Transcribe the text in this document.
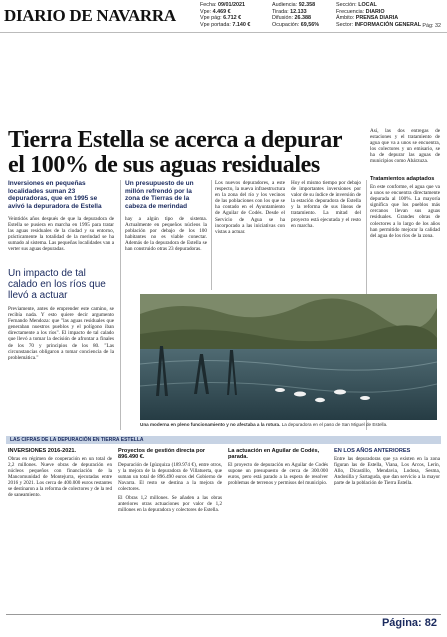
DIARIO DE NAVARRA
Fecha: 09/01/2021
Vpe: 4.469 €
Vpe pág: 6.712 €
Vpe portada: 7.140 €
Audiencia: 92.358
Tirada: 12.133
Difusión: 26.388
Ocupación: 69,56%
Sección: LOCAL
Frecuencia: DIARIO
Ámbito: PRENSA DIARIA
Sector: INFORMACIÓN GENERAL Pág: 32
Tierra Estella se acerca a depurar
el 100% de sus aguas residuales
Inversiones en pequeñas localidades suman 23 depuradoras, que en 1995 se avivó la depuradora de Estella
Veintidós años después de que la depuradora de Estella se pusiera en marcha en 1995 para tratar las aguas residuales de la ciudad y su entorno, prácticamente la totalidad de la merindad se ha sumado al sistema. Las pequeñas localidades van a verter sus aguas depuradas.
Un impacto de tal calado en los ríos que llevó a actuar
Previamente, antes de emprender este camino, se recibía nada. Y esto quiere decir argumento Fernando Mendoza: que "las aguas residuales que generaban nuestros pueblos y el polígono iban directamente a los ríos". El impacto de tal calado que llevó a tomar la decisión de afrontar a finales de los 70 y principios de los 80. "Las circunstancias obligaron a tomar conciencia de la problemática."
Un presupuesto de un millón refrendó por la zona de Tierras de la cabeza de merindad
hay a algún tipo de sistema. Actualmente en pequeños núcleos la población por debajo de los 100 habitantes no es viable conectar. Además de la depuradora de Estella se han construido otras 23 depuradoras.
Los nuevos depuradores, a este respecto, la nueva infraestructura en la zona del río y los vecinos de las poblaciones con los que se ha contado en el Ayuntamiento de Aguilar de Codés. Desde el Servicio de Agua se ha incorporado a las iniciativas con vistas a actuar.
Hoy el mismo tiempo por debajo de importantes inversiones por valor de su índice de inversión de la estación depuradora de Estella y la reforma de sus líneas de tratamiento. La mitad del proyecto está ejecutada y el resto en marcha.
Así, las dos entregas de estaciones y el tratamiento de agua que va a unos se encuentra, los colectores y un emisario, se ha de depurar las aguas de municipios como Abárzuza.
Tratamientos adaptados
En este conforme, el agua que va a unos se encuentra directamente depurada al 100%. La mayoría significa que los pueblos más cercanos llevan sus aguas residuales. Grandes obras de colectores a lo largo de los años han permitido mejorar la calidad del agua de los ríos de la zona.
Una moderna en pleno funcionamiento y no afectaba a la rotura. La depuradora en el paso de San Miguel de Estella.
LAS CIFRAS DE LA DEPURACIÓN EN TIERRA ESTELLA
INVERSIONES 2016-2021.
Obras en régimen de cooperación en un total de 2,2 millones. Nueve obras de depuración en núcleos pequeños con financiación de la Mancomunidad de Montejurra, ejecutadas entre 2016 y 2021. Los cerca de 400.000 euros restantes se destinaron a la reforma de colectores y de la red de saneamiento.
Proyectos de gestión directa por 896.490 €.
Depuración de Igúzquiza (189.974 €), entre otros, y la mejora de la depuradora de Villatuerta, que suman un total de 896.490 euros del Gobierno de Navarra. El resto se destina a la mejora de colectores.
El Obras 1,2 millones. Se añaden a las obras anteriores otras actuaciones por valor de 1,2 millones en la depuradora y colectores de Estella.
La actuación en Aguilar de Codés, parada.
El proyecto de depuración en Aguilar de Codés supone un presupuesto de cerca de 300.000 euros, pero está parado a la espera de resolver problemas de terrenos y permisos del municipio.
EN LOS AÑOS ANTERIORES
Entre las depuradoras que ya existen en la zona figuran las de Estella, Viana, Los Arcos, Lerín, Allo, Dicastillo, Mendavia, Lodosa, Sesma, Andosilla y Sartaguda, que dan servicio a la mayor parte de la población de Tierra Estella.
Página: 82
